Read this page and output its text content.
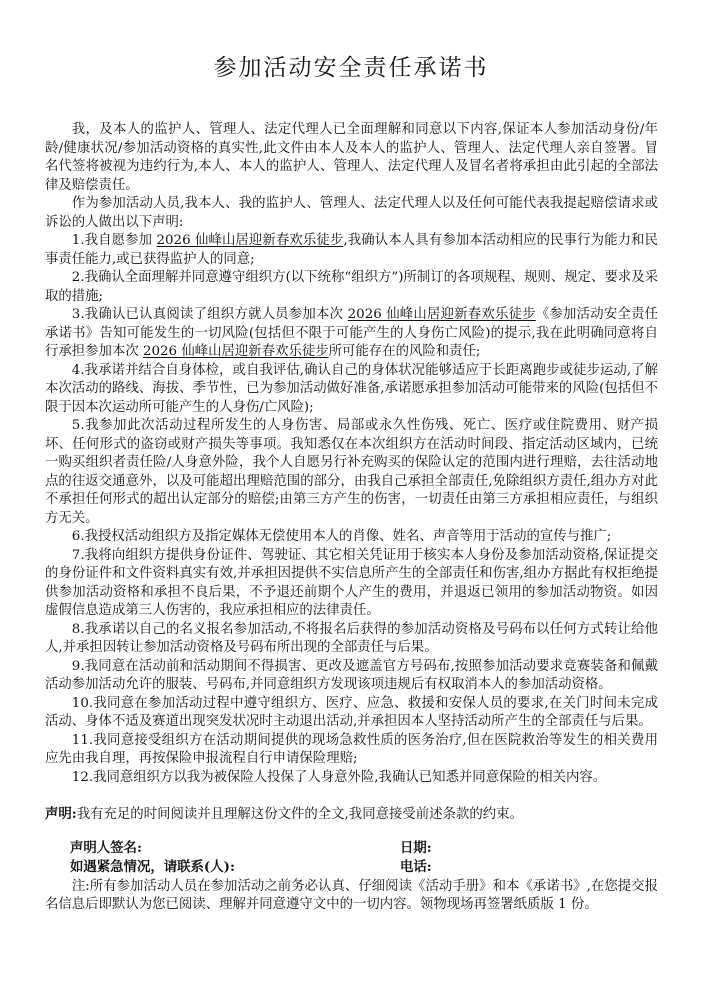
参加活动安全责任承诺书

我，及本人的监护人、管理人、法定代理人已全面理解和同意以下内容,保证本人参加活动身份/年龄/健康状况/参加活动资格的真实性,此文件由本人及本人的监护人、管理人、法定代理人亲自签署。冒名代签将被视为违约行为,本人、本人的监护人、管理人、法定代理人及冒名者将承担由此引起的全部法律及赔偿责任。

作为参加活动人员,我本人、我的监护人、管理人、法定代理人以及任何可能代表我提起赔偿请求或诉讼的人做出以下声明:

1.我自愿参加 2026 仙峰山居迎新春欢乐徒步,我确认本人具有参加本活动相应的民事行为能力和民事责任能力,或已获得监护人的同意;

2.我确认全面理解并同意遵守组织方(以下统称“组织方”)所制订的各项规程、规则、规定、要求及采取的措施;

3.我确认已认真阅读了组织方就人员参加本次 2026 仙峰山居迎新春欢乐徒步《参加活动安全责任承诺书》告知可能发生的一切风险(包括但不限于可能产生的人身伤亡风险)的提示,我在此明确同意将自行承担参加本次 2026 仙峰山居迎新春欢乐徒步所可能存在的风险和责任;

4.我承诺并结合自身体检，或自我评估,确认自己的身体状况能够适应于长距离跑步或徒步运动,了解本次活动的路线、海拔、季节性，已为参加活动做好准备,承诺愿承担参加活动可能带来的风险(包括但不限于因本次运动所可能产生的人身伤/亡风险);

5.我参加此次活动过程所发生的人身伤害、局部或永久性伤残、死亡、医疗或住院费用、财产损坏、任何形式的盗窃或财产损失等事项。我知悉仅在本次组织方在活动时间段、指定活动区域内，已统一购买组织者责任险/人身意外险，我个人自愿另行补充购买的保险认定的范围内进行理赔，去往活动地点的往返交通意外，以及可能超出理赔范围的部分，由我自己承担全部责任,免除组织方责任,组办方对此不承担任何形式的超出认定部分的赔偿;由第三方产生的伤害，一切责任由第三方承担相应责任，与组织方无关。

6.我授权活动组织方及指定媒体无偿使用本人的肖像、姓名、声音等用于活动的宣传与推广;

7.我将向组织方提供身份证件、驾驶证、其它相关凭证用于核实本人身份及参加活动资格,保证提交的身份证件和文件资料真实有效,并承担因提供不实信息所产生的全部责任和伤害,组办方据此有权拒绝提供参加活动资格和承担不良后果，不予退还前期个人产生的费用，并退返已领用的参加活动物资。如因虚假信息造成第三人伤害的，我应承担相应的法律责任。

8.我承诺以自己的名义报名参加活动,不将报名后获得的参加活动资格及号码布以任何方式转让给他人,并承担因转让参加活动资格及号码布所出现的全部责任与后果。

9.我同意在活动前和活动期间不得损害、更改及遮盖官方号码布,按照参加活动要求竞赛装备和佩戴活动参加活动允许的服装、号码布,并同意组织方发现该项违规后有权取消本人的参加活动资格。

10.我同意在参加活动过程中遵守组织方、医疗、应急、救援和安保人员的要求,在关门时间未完成活动、身体不适及赛道出现突发状况时主动退出活动,并承担因本人坚持活动所产生的全部责任与后果。

11.我同意接受组织方在活动期间提供的现场急救性质的医务治疗,但在医院救治等发生的相关费用应先由我自理，再按保险申报流程自行申请保险理赔;

12.我同意组织方以我为被保险人投保了人身意外险,我确认已知悉并同意保险的相关内容。

声明:我有充足的时间阅读并且理解这份文件的全文,我同意接受前述条款的约束。

声明人签名:	日期:
如遇紧急情况，请联系(人):	电话:

注:所有参加活动人员在参加活动之前务必认真、仔细阅读《活动手册》和本《承诺书》,在您提交报名信息后即默认为您已阅读、理解并同意遵守文中的一切内容。领物现场再签署纸质版 1 份。
